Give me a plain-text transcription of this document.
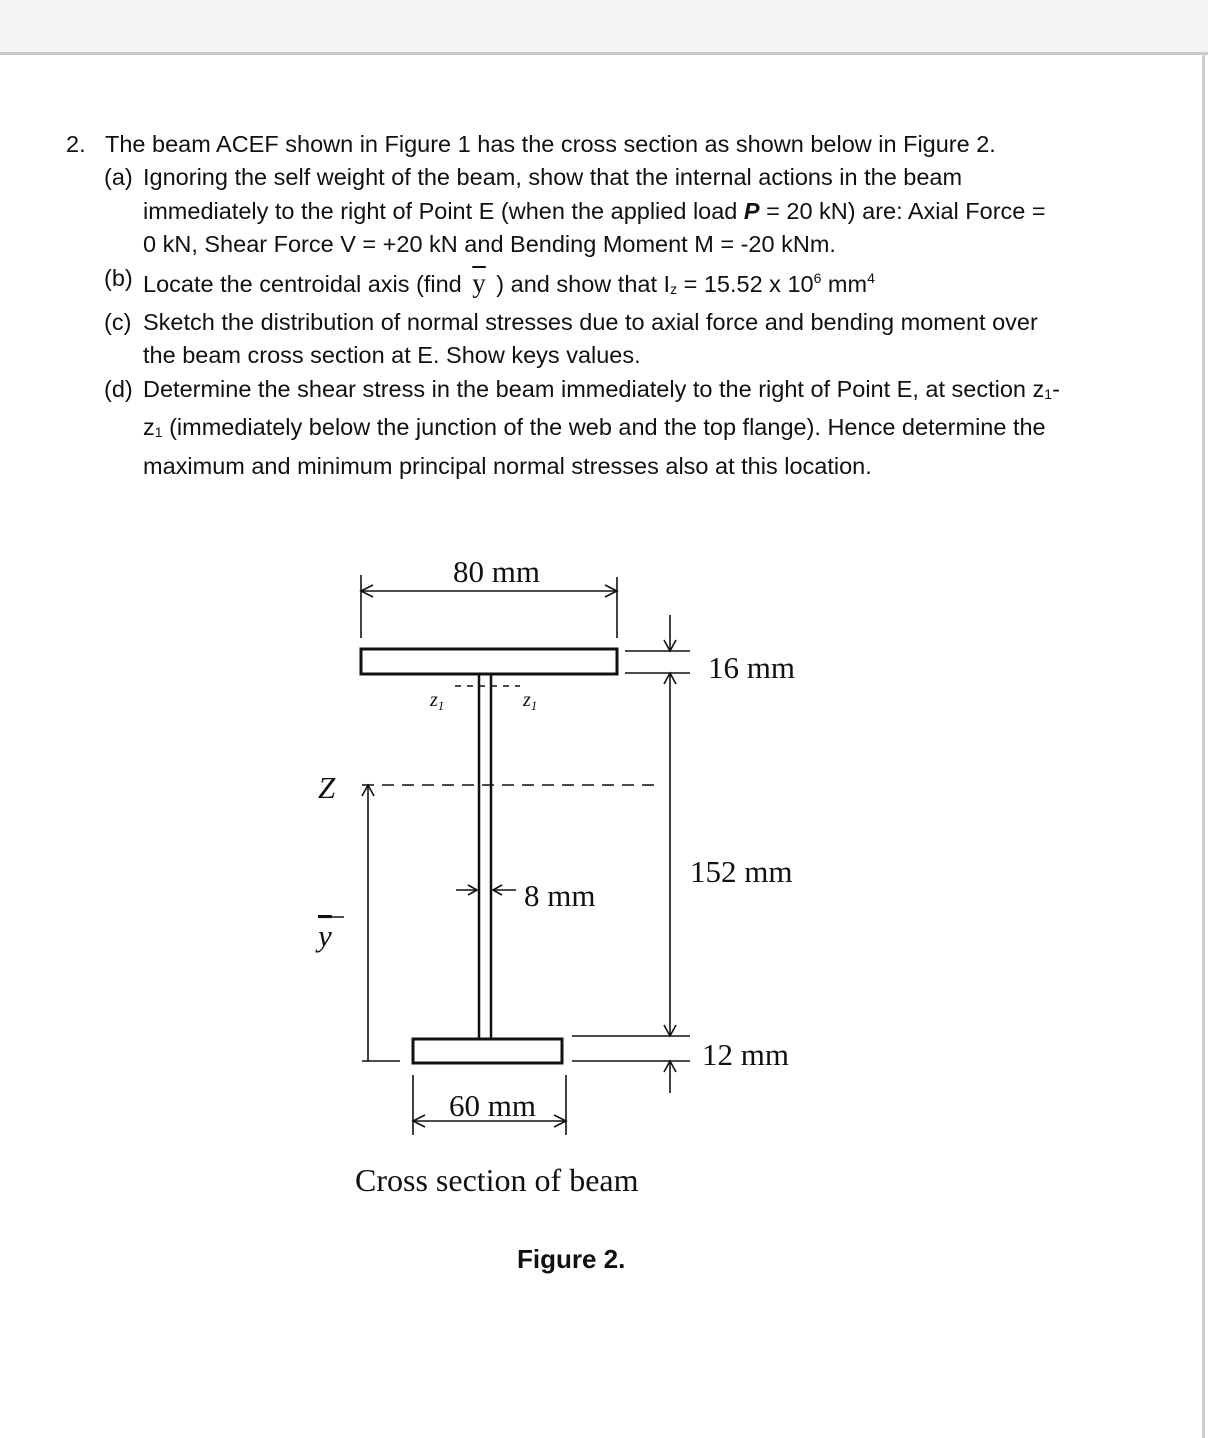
2. The beam ACEF shown in Figure 1 has the cross section as shown below in Figure 2.
(a) Ignoring the self weight of the beam, show that the internal actions in the beam
immediately to the right of Point E (when the applied load P = 20 kN) are: Axial Force =
0 kN, Shear Force V = +20 kN and Bending Moment M = -20 kNm.
(b) Locate the centroidal axis (find $\overline{y}$ ) and show that $I_z = 15.52$ x $10^6$ $mm^4$
(c) Sketch the distribution of normal stresses due to axial force and bending moment over
the beam cross section at E. Show keys values.
(d) Determine the shear stress in the beam immediately to the right of Point E, at section $z_1-$
$z_1$ (immediately below the junction of the web and the top flange). Hence determine the
maximum and minimum principal normal stresses also at this location.
80 mm
16 mm
152 mm
8 mm
12 mm
60 mm
Z
y
$z_1$	$z_1$
Cross section of beam
Figure 2.
